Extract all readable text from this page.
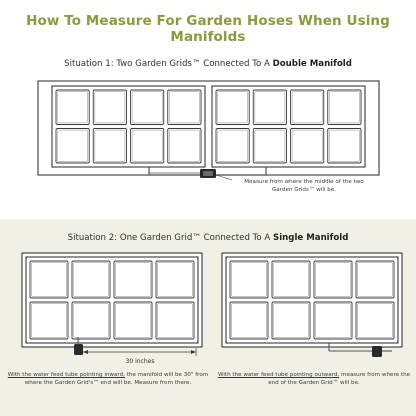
How To Measure For Garden Hoses When Using Manifolds
Situation 1: Two Garden Grids™ Connected To A Double Manifold
Situation 2: One Garden Grid™ Connected To A Single Manifold
30 inches
Measure from where the middle of the two Garden Grids™ will be.
With the water feed tube pointing inward, the manifold will be 30" from where the Garden Grid's™ end will be. Measure from there.
With the water feed tube pointing outward, measure from where the end of the Garden Grid™ will be.
